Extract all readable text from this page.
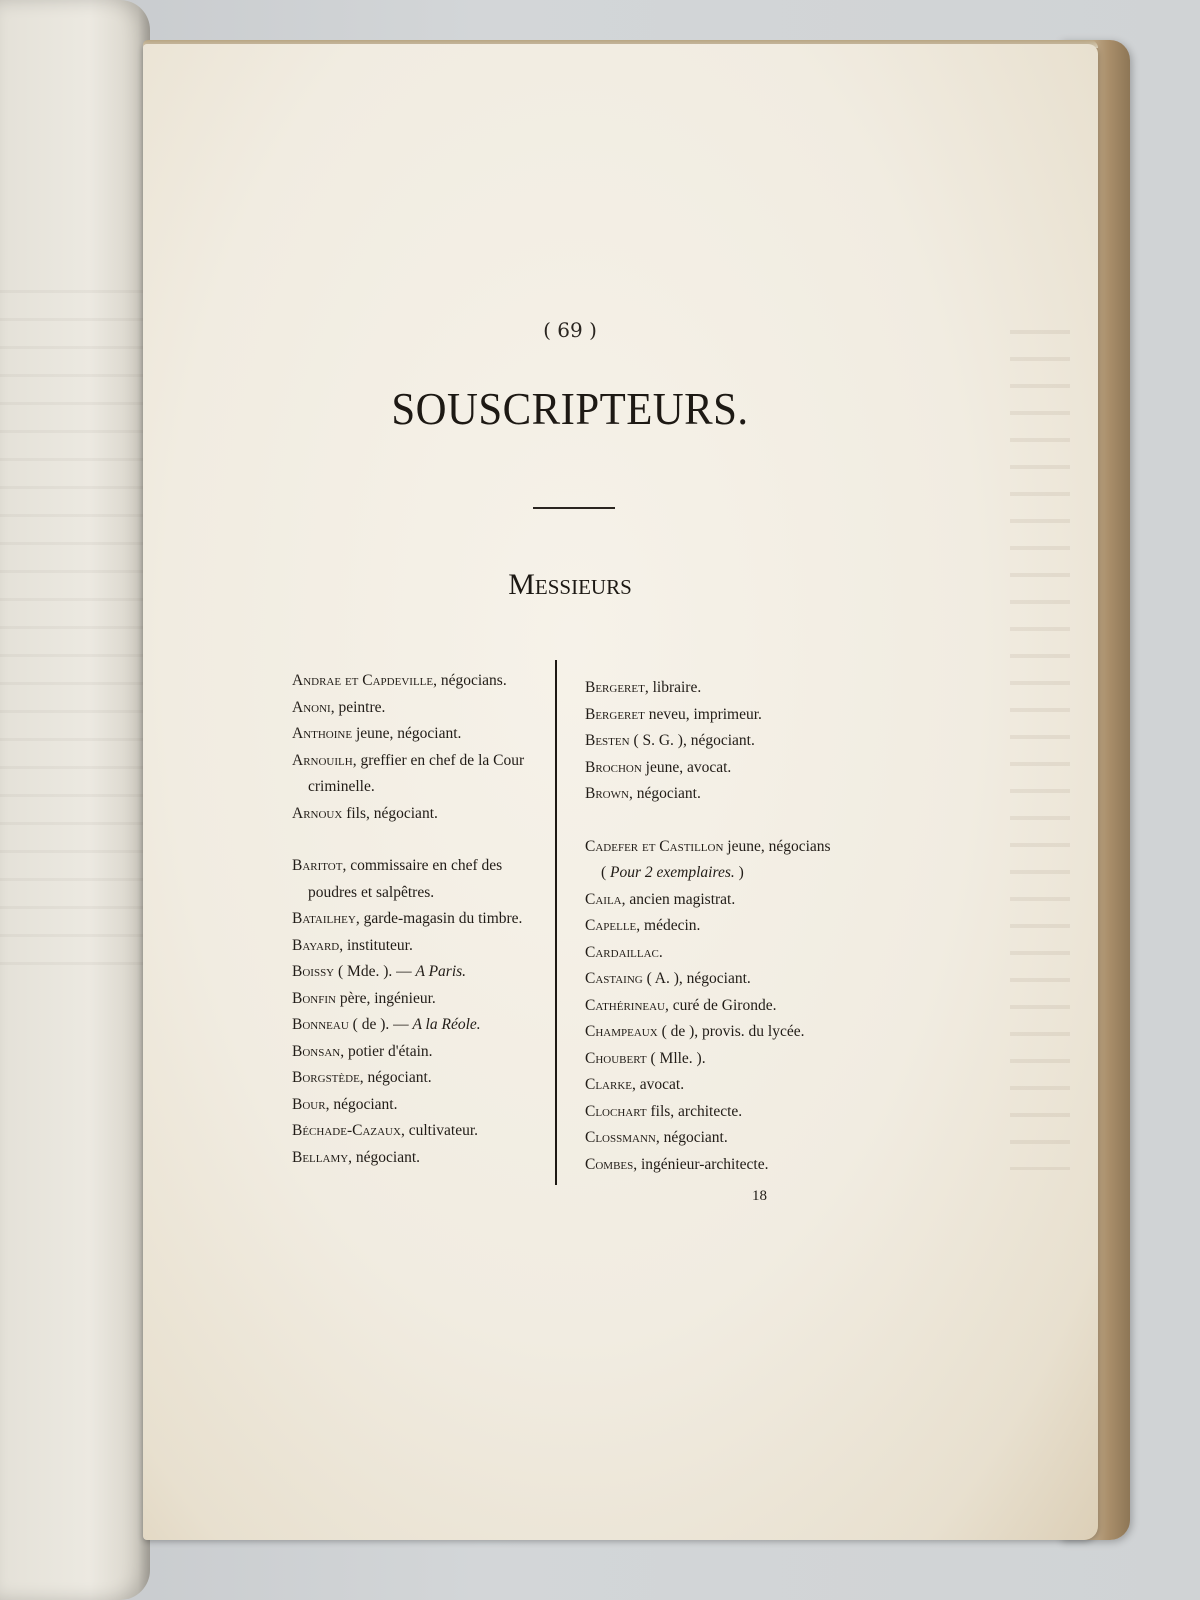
( 69 )
SOUSCRIPTEURS.
Messieurs
Andrae et Capdeville, négocians.
Anoni, peintre.
Anthoine jeune, négociant.
Arnouilh, greffier en chef de la Cour criminelle.
Arnoux fils, négociant.
Baritot, commissaire en chef des poudres et salpêtres.
Batailhey, garde-magasin du timbre.
Bayard, instituteur.
Boissy ( Mde. ). — A Paris.
Bonfin père, ingénieur.
Bonneau ( de ). — A la Réole.
Bonsan, potier d'étain.
Borgstède, négociant.
Bour, négociant.
Béchade-Cazaux, cultivateur.
Bellamy, négociant.
Bergeret, libraire.
Bergeret neveu, imprimeur.
Besten ( S. G. ), négociant.
Brochon jeune, avocat.
Brown, négociant.
Cadefer et Castillon jeune, négocians ( Pour 2 exemplaires. )
Caila, ancien magistrat.
Capelle, médecin.
Cardaillac.
Castaing ( A. ), négociant.
Cathérineau, curé de Gironde.
Champeaux ( de ), provis. du lycée.
Choubert ( Mlle. ).
Clarke, avocat.
Clochart fils, architecte.
Clossmann, négociant.
Combes, ingénieur-architecte.
18
